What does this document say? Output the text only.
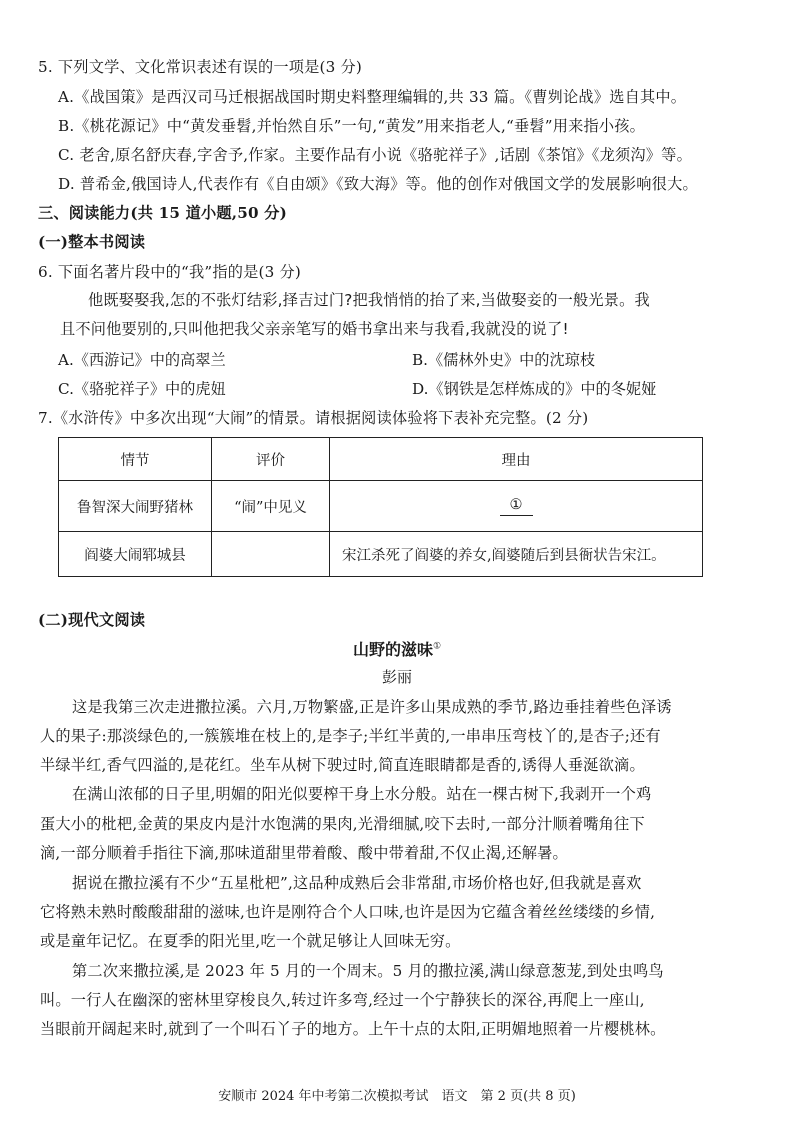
5. 下列文学、文化常识表述有误的一项是(3 分)
A.《战国策》是西汉司马迁根据战国时期史料整理编辑的,共 33 篇。《曹刿论战》选自其中。
B.《桃花源记》中“黄发垂髫,并怡然自乐”一句,“黄发”用来指老人,“垂髫”用来指小孩。
C. 老舍,原名舒庆春,字舍予,作家。主要作品有小说《骆驼祥子》,话剧《茶馆》《龙须沟》等。
D. 普希金,俄国诗人,代表作有《自由颂》《致大海》等。他的创作对俄国文学的发展影响很大。
三、阅读能力(共 15 道小题,50 分)
(一)整本书阅读
6. 下面名著片段中的“我”指的是(3 分)
他既娶娶我,怎的不张灯结彩,择吉过门?把我悄悄的抬了来,当做娶妾的一般光景。我
且不问他要别的,只叫他把我父亲亲笔写的婚书拿出来与我看,我就没的说了!
A.《西游记》中的高翠兰	B.《儒林外史》中的沈琼枝
C.《骆驼祥子》中的虎妞	D.《钢铁是怎样炼成的》中的冬妮娅
7.《水浒传》中多次出现“大闹”的情景。请根据阅读体验将下表补充完整。(2 分)
情节	评价	理由
鲁智深大闹野猪林	“闹”中见义	①
阎婆大闹郓城县		宋江杀死了阎婆的养女,阎婆随后到县衙状告宋江。
(二)现代文阅读
山野的滋味①
彭丽
这是我第三次走进撒拉溪。六月,万物繁盛,正是许多山果成熟的季节,路边垂挂着些色泽诱
人的果子:那淡绿色的,一簇簇堆在枝上的,是李子;半红半黄的,一串串压弯枝丫的,是杏子;还有
半绿半红,香气四溢的,是花红。坐车从树下驶过时,简直连眼睛都是香的,诱得人垂涎欲滴。
在满山浓郁的日子里,明媚的阳光似要榨干身上水分般。站在一棵古树下,我剥开一个鸡
蛋大小的枇杷,金黄的果皮内是汁水饱满的果肉,光滑细腻,咬下去时,一部分汁顺着嘴角往下
滴,一部分顺着手指往下滴,那味道甜里带着酸、酸中带着甜,不仅止渴,还解暑。
据说在撒拉溪有不少“五星枇杷”,这品种成熟后会非常甜,市场价格也好,但我就是喜欢
它将熟未熟时酸酸甜甜的滋味,也许是刚符合个人口味,也许是因为它蕴含着丝丝缕缕的乡情,
或是童年记忆。在夏季的阳光里,吃一个就足够让人回味无穷。
第二次来撒拉溪,是 2023 年 5 月的一个周末。5 月的撒拉溪,满山绿意葱茏,到处虫鸣鸟
叫。一行人在幽深的密林里穿梭良久,转过许多弯,经过一个宁静狭长的深谷,再爬上一座山,
当眼前开阔起来时,就到了一个叫石丫子的地方。上午十点的太阳,正明媚地照着一片樱桃林。
安顺市 2024 年中考第二次模拟考试　语文　第 2 页(共 8 页)
